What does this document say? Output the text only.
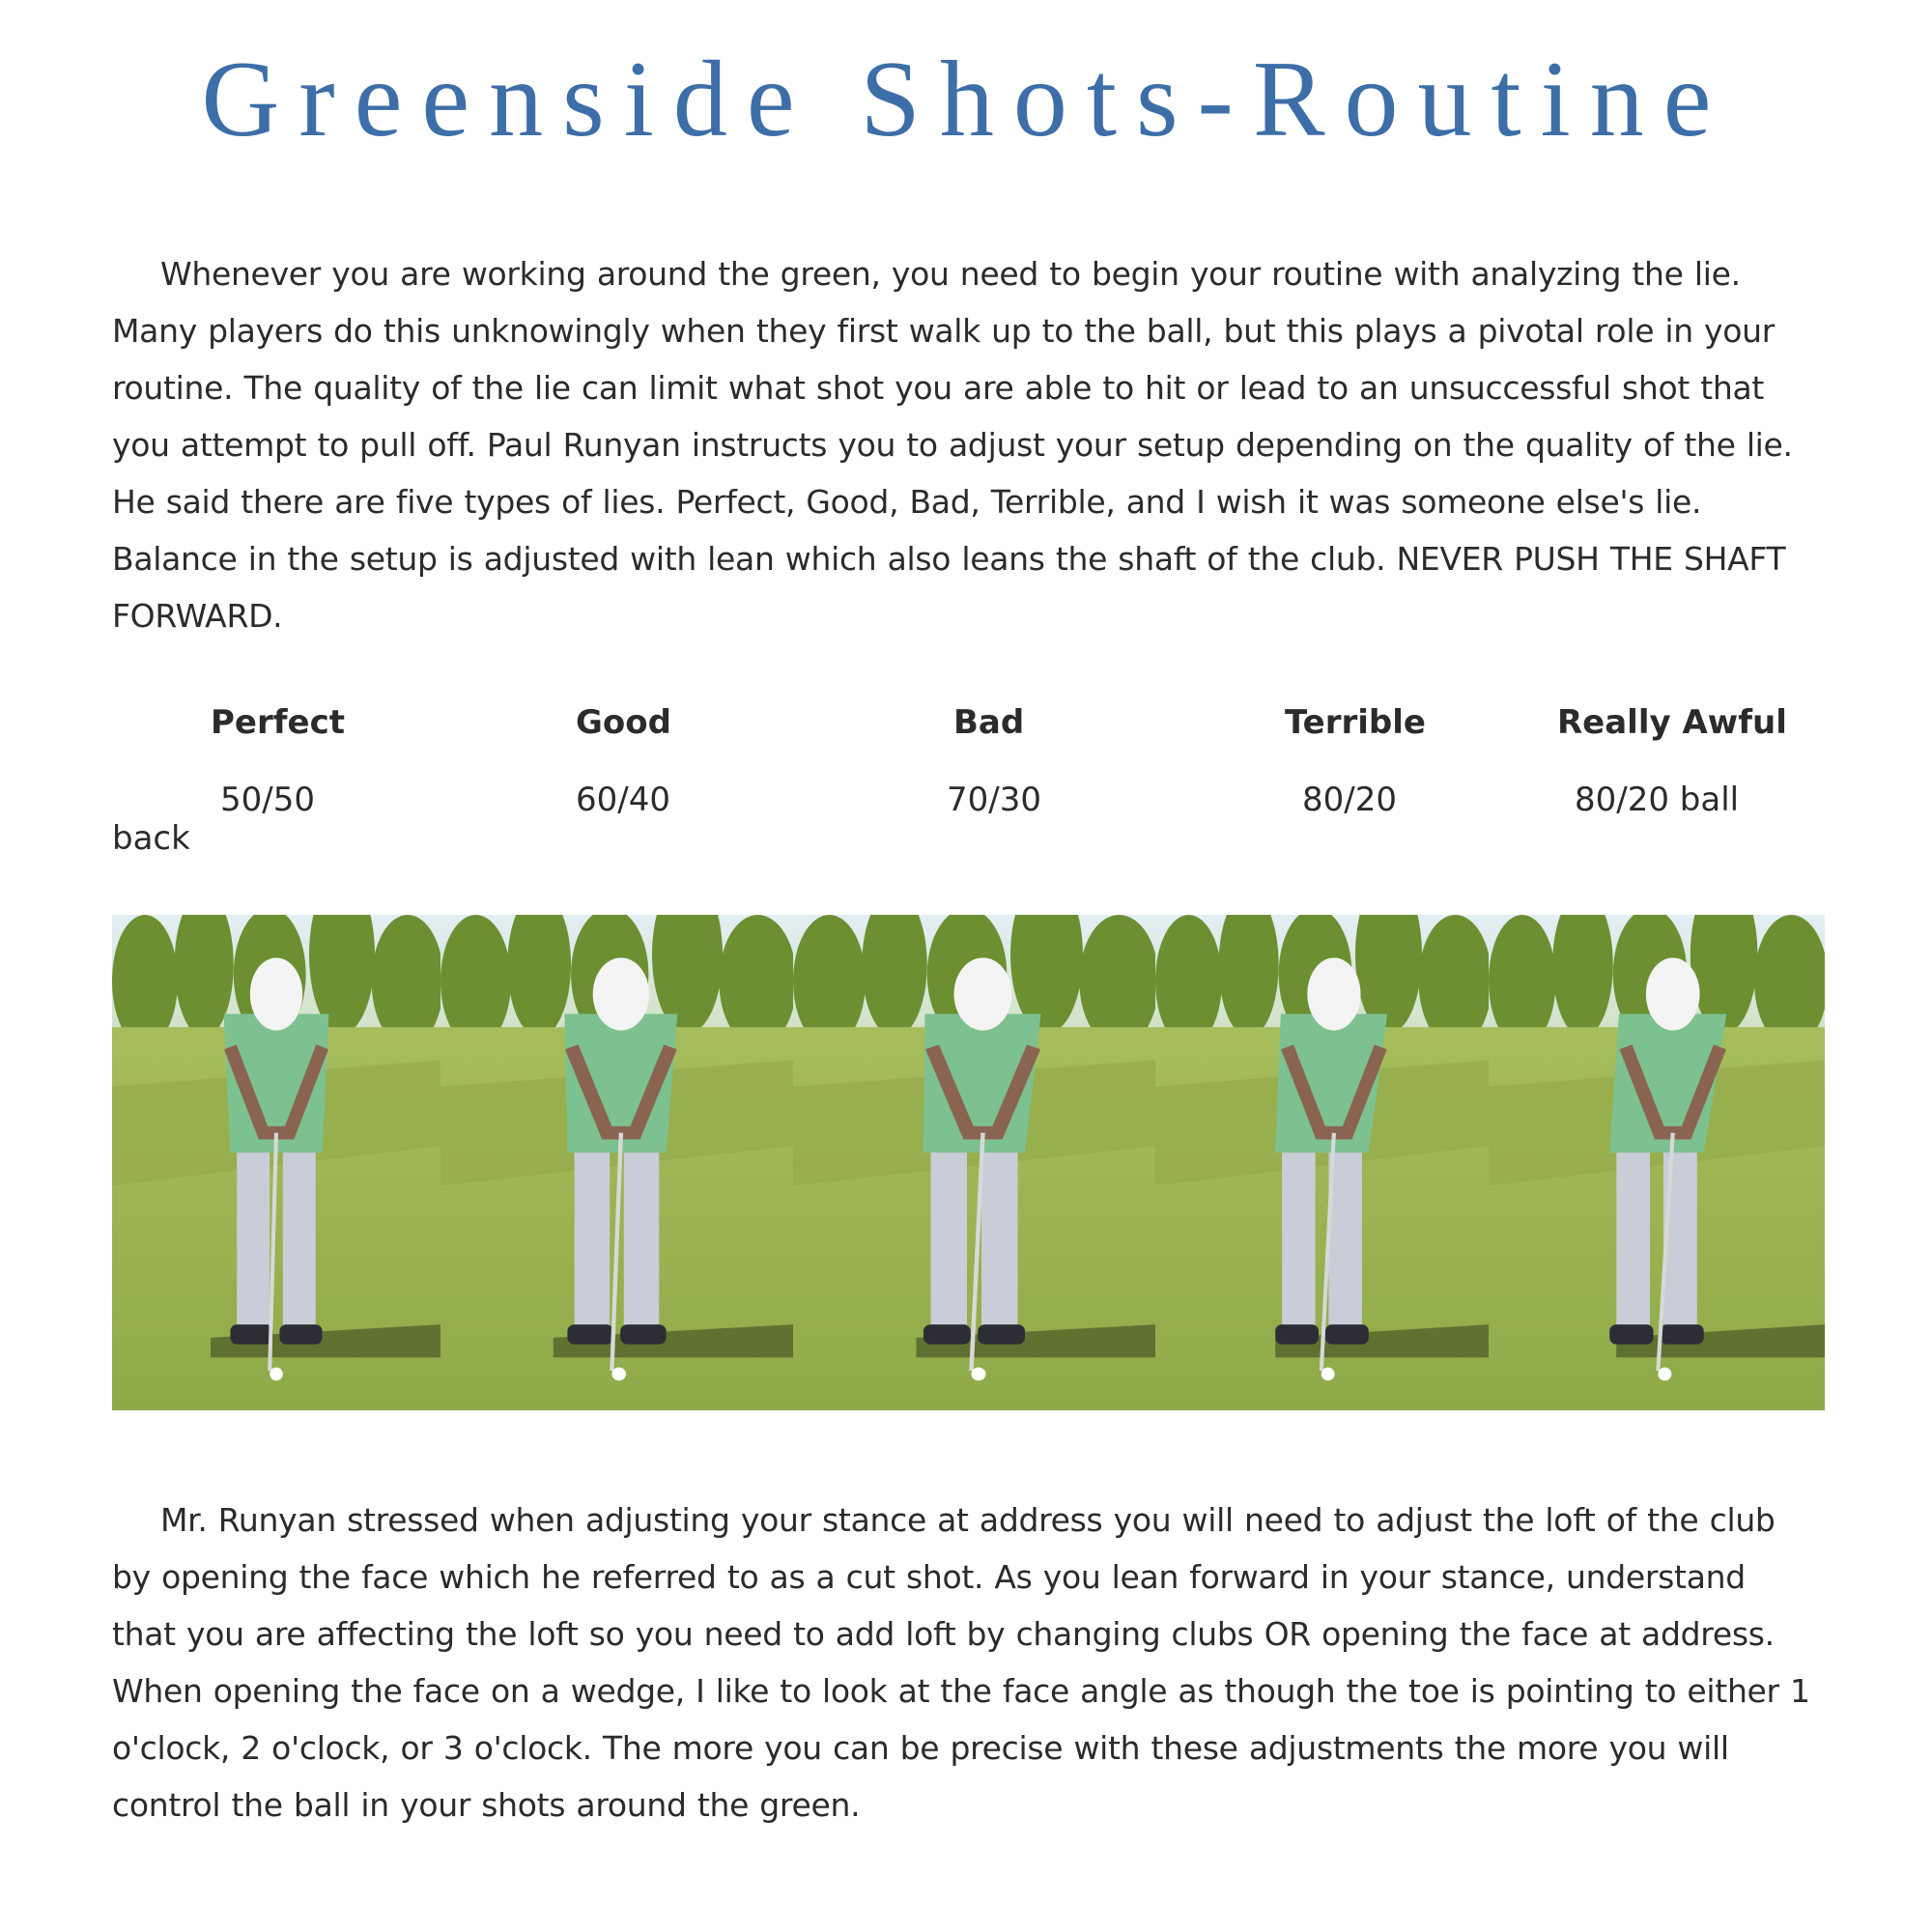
Greenside Shots-Routine

Whenever you are working around the green, you need to begin your routine with analyzing the lie. Many players do this unknowingly when they first walk up to the ball, but this plays a pivotal role in your routine. The quality of the lie can limit what shot you are able to hit or lead to an unsuccessful shot that you attempt to pull off. Paul Runyan instructs you to adjust your setup depending on the quality of the lie. He said there are five types of lies. Perfect, Good, Bad, Terrible, and I wish it was someone else's lie. Balance in the setup is adjusted with lean which also leans the shaft of the club. NEVER PUSH THE SHAFT FORWARD.

Perfect	Good	Bad	Terrible	Really Awful
50/50	60/40	70/30	80/20	80/20 ball
back

Mr. Runyan stressed when adjusting your stance at address you will need to adjust the loft of the club by opening the face which he referred to as a cut shot. As you lean forward in your stance, understand that you are affecting the loft so you need to add loft by changing clubs OR opening the face at address. When opening the face on a wedge, I like to look at the face angle as though the toe is pointing to either 1 o'clock, 2 o'clock, or 3 o'clock. The more you can be precise with these adjustments the more you will control the ball in your shots around the green.
